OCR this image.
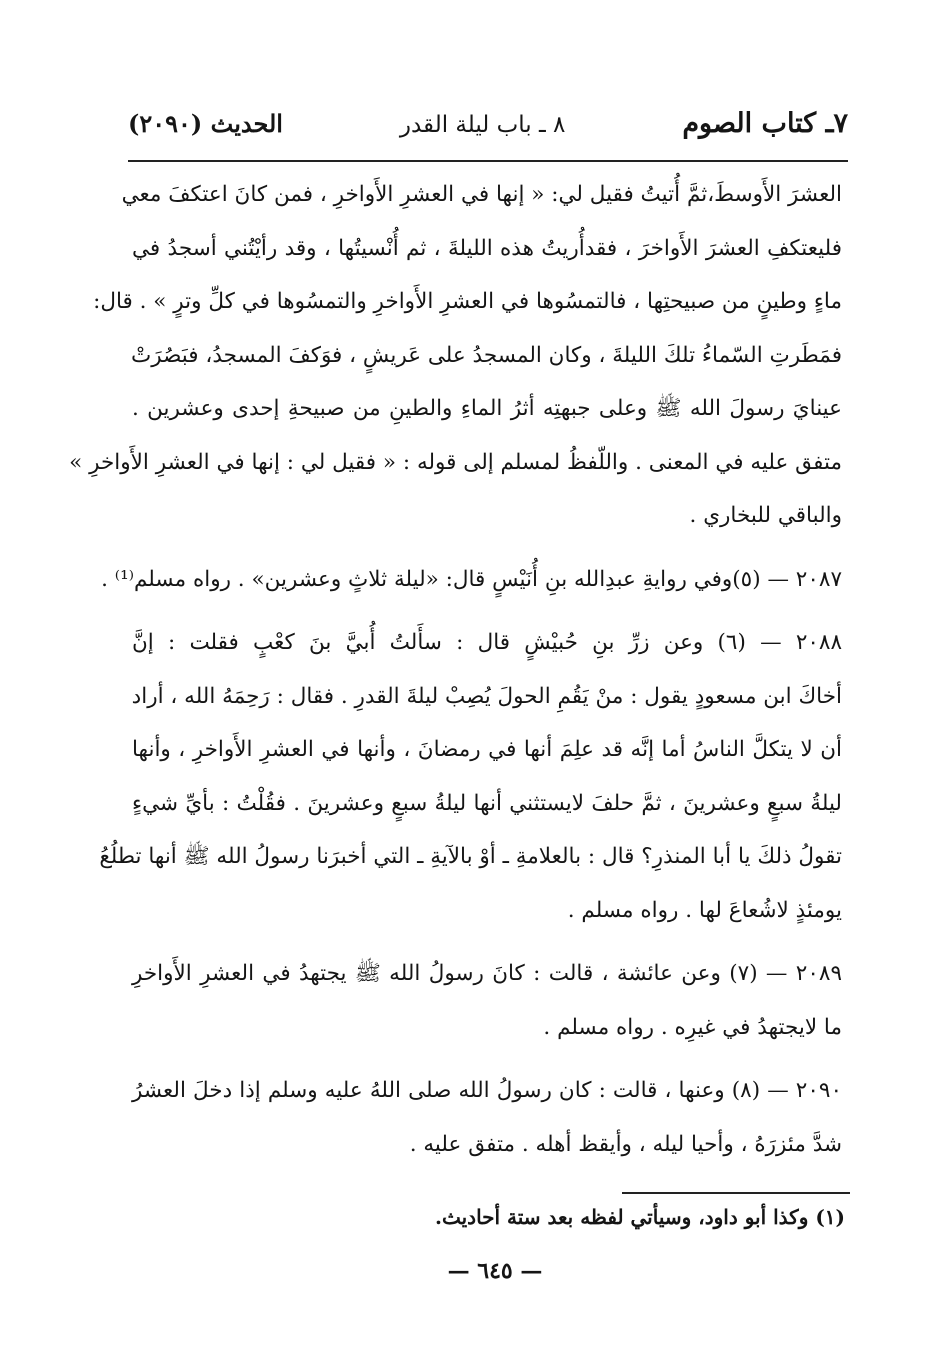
الحديث (٢٠٩٠)	٨ ـ باب ليلة القدر	٧ـ كتاب الصوم
العشرَ الأَوسطَ،ثمَّ أُتيتُ فقيل لي: « إنها في العشرِ الأَواخرِ ، فمن كانَ اعتكفَ معي
فليعتكفِ العشرَ الأَواخرَ ، فقدأُريتُ هذه الليلةَ ، ثم أُنْسيتُها ، وقد رأيْتُني أسجدُ في
ماءٍ وطينٍ من صبيحتِها ، فالتمسُوها في العشرِ الأَواخرِ والتمسُوها في كلِّ وترٍ » . قال:
فمَطَرتِ السّماءُ تلكَ الليلةَ ، وكان المسجدُ على عَريشٍ ، فوَكفَ المسجدُ، فبَصُرَتْ
عينايَ رسولَ الله ﷺ وعلى جبهتِه أثرُ الماءِ والطينِ من صبيحةِ إحدى وعشرين .
متفق عليه في المعنى . واللّفظُ لمسلم إلى قوله : « فقيل لي : إنها في العشرِ الأَواخرِ »
والباقي للبخاري .
٢٠٨٧ — (٥)وفي روايةِ عبدِالله بنِ أُنَيْسٍ قال: «ليلة ثلاثٍ وعشرين» . رواه مسلم⁽¹⁾ .
٢٠٨٨ — (٦) وعن زرِّ بنِ حُبيْشٍ قال : سأَلتُ أُبيَّ بنَ كعْبٍ فقلت : إنَّ
أخاكَ ابن مسعودٍ يقول : منْ يَقُمِ الحولَ يُصِبْ ليلةَ القدرِ . فقال : رَحِمَهُ الله ، أراد
أن لا يتكلَّ الناسُ أما إنَّه قد علِمَ أنها في رمضانَ ، وأنها في العشرِ الأَواخرِ ، وأنها
ليلةُ سبعٍ وعشرينَ ، ثمَّ حلفَ لايستثني أنها ليلةُ سبعٍ وعشرينَ . فقُلْتُ : بأيِّ شيءٍ
تقولُ ذلكَ يا أبا المنذرِ؟ قال : بالعلامةِ ـ أوْ بالآيةِ ـ التي أخبرَنا رسولُ الله ﷺ أنها تطلُعُ
يومئذٍ لاشُعاعَ لها . رواه مسلم .
٢٠٨٩ — (٧) وعن عائشة ، قالت : كانَ رسولُ الله ﷺ يجتهدُ في العشرِ الأَواخرِ
ما لايجتهدُ في غيرِه . رواه مسلم .
٢٠٩٠ — (٨) وعنها ، قالت : كان رسولُ الله صلى اللهُ عليه وسلم إذا دخلَ العشرُ
شدَّ مئزرَهُ ، وأحيا ليله ، وأيقظ أهله . متفق عليه .
(١) وكذا أبو داود، وسيأتي لفظه بعد ستة أحاديث.
— ٦٤٥ —
